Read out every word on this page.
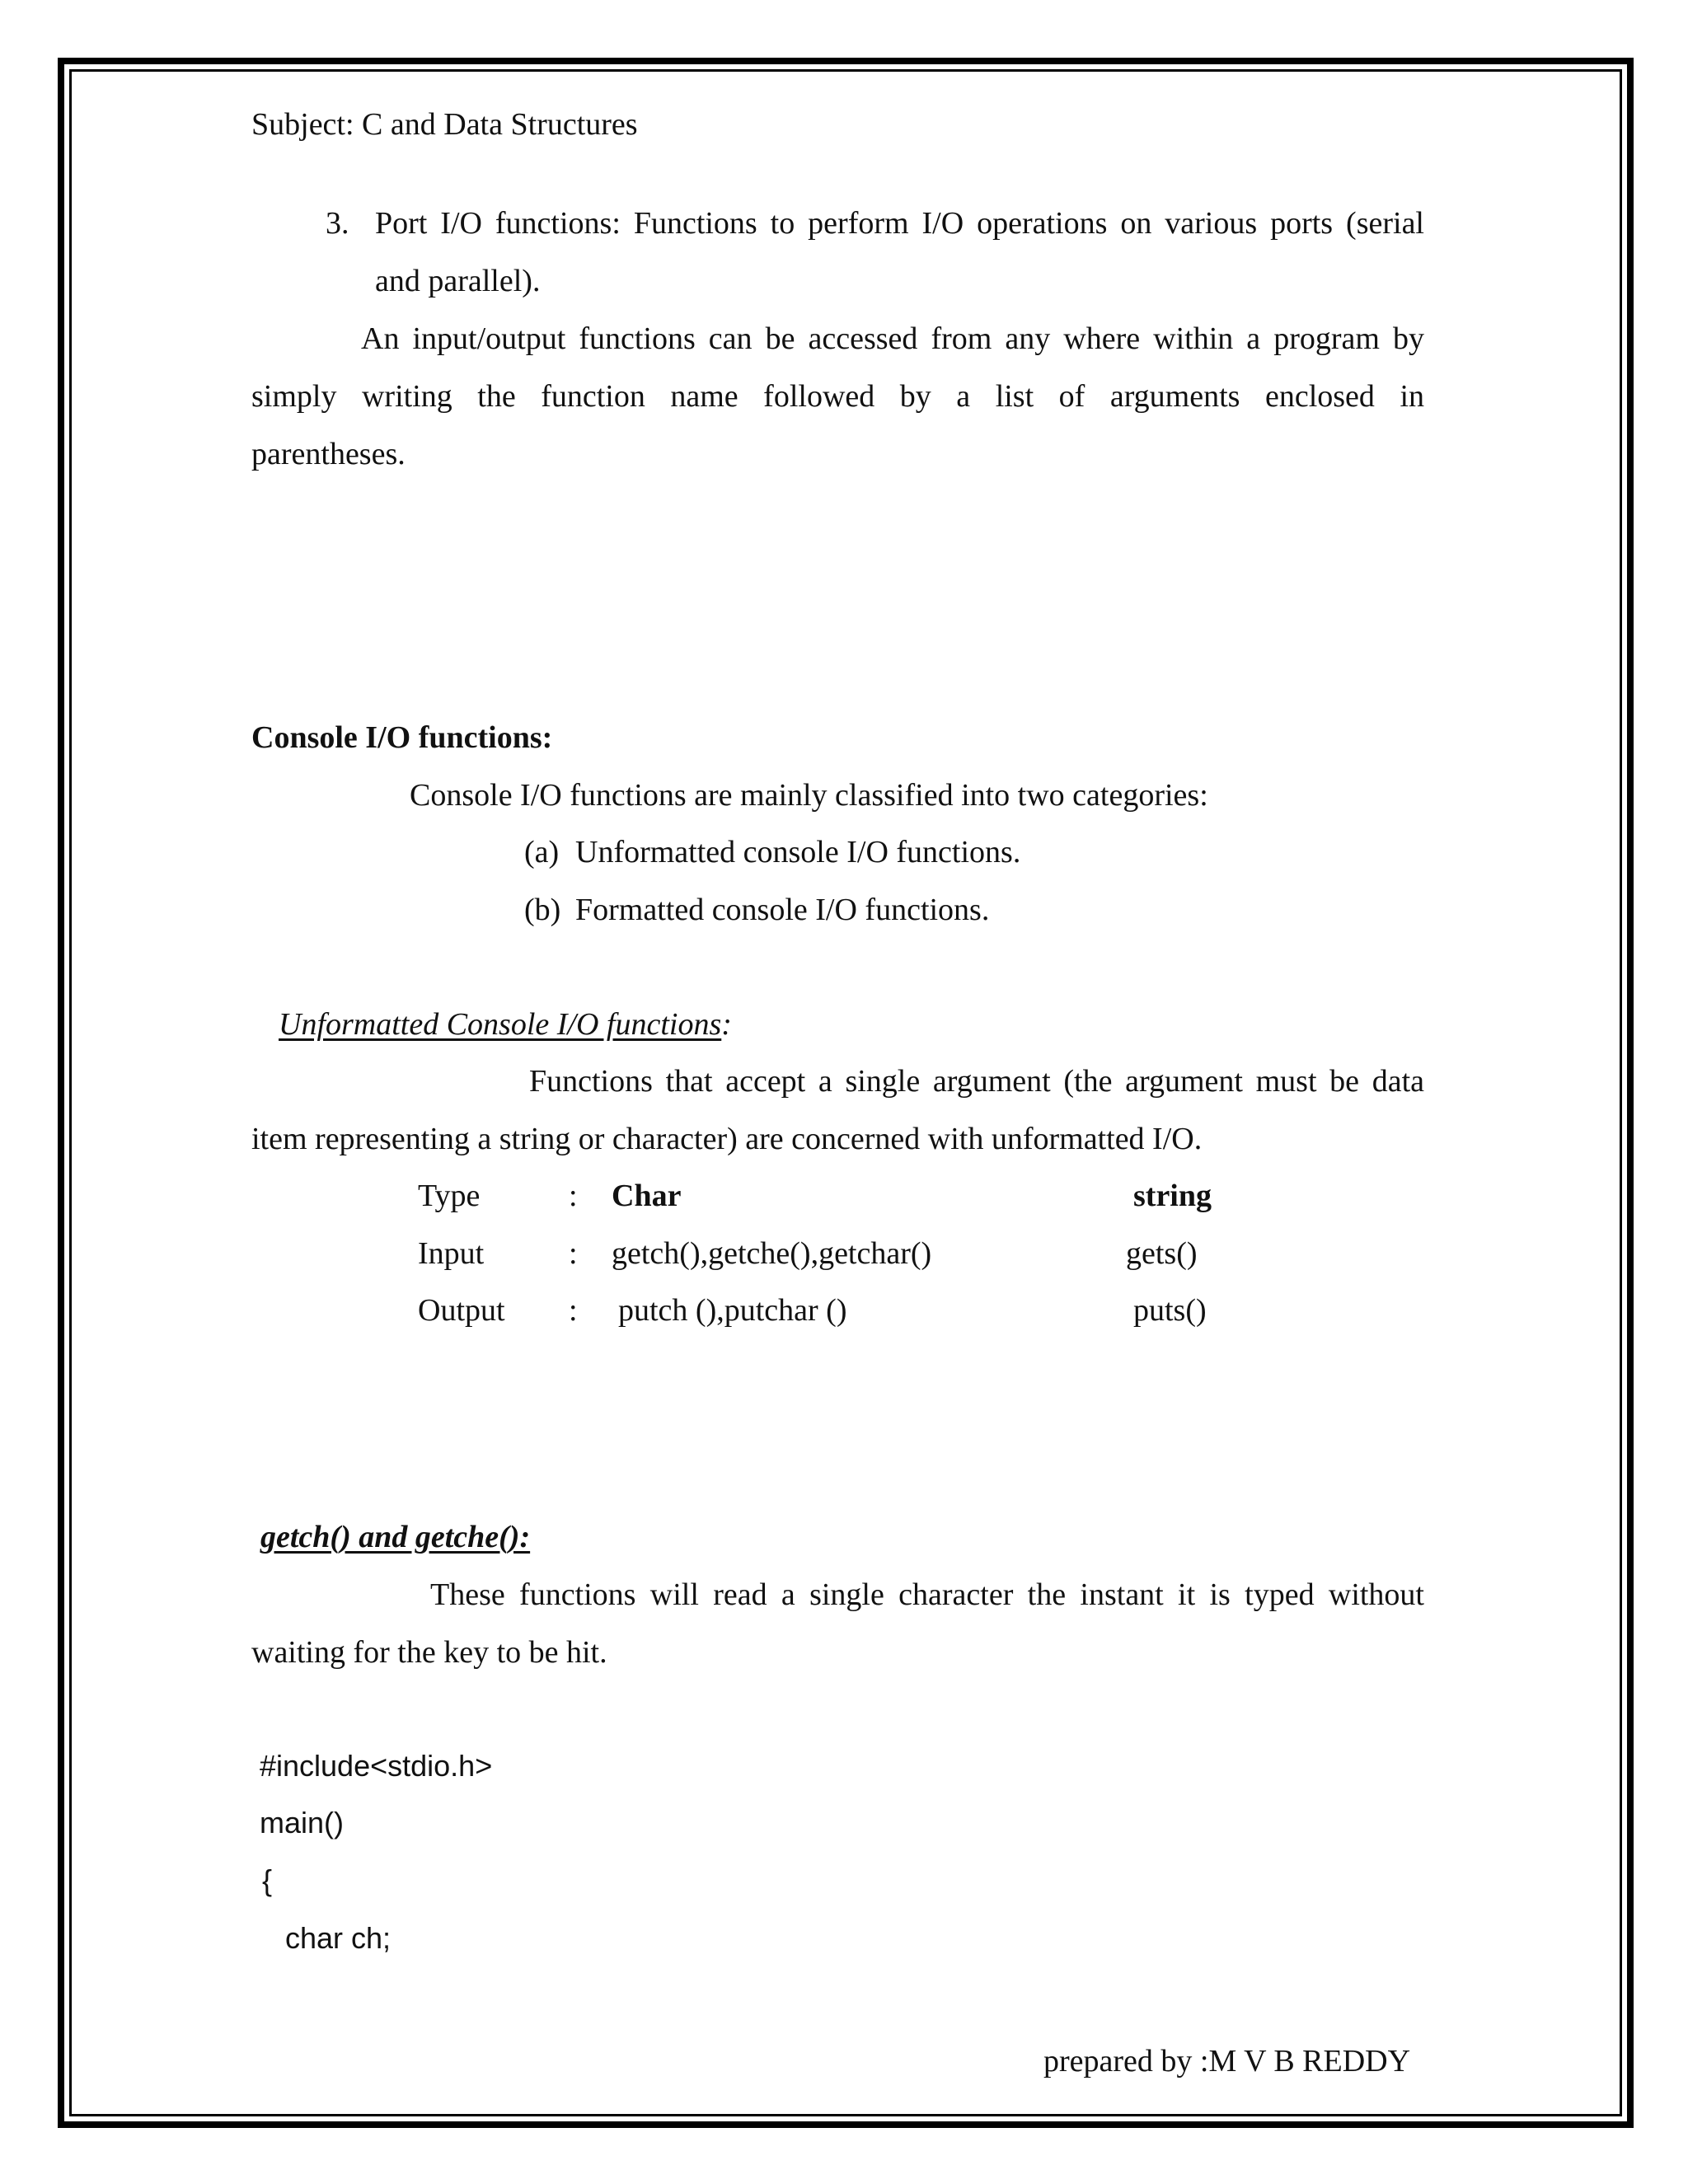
Subject: C and Data Structures
3. Port I/O functions: Functions to perform I/O operations on various ports (serial
and parallel).
An input/output functions can be accessed from any where within a program by
simply writing the function name followed by a list of arguments enclosed in
parentheses.
Console I/O functions:
Console I/O functions are mainly classified into two categories:
(a) Unformatted console I/O functions.
(b) Formatted console I/O functions.
Unformatted Console I/O functions:
Functions that accept a single argument (the argument must be data
item representing a string or character) are concerned with unformatted I/O.
Type	: Char	string
Input	: getch(),getche(),getchar()	gets()
Output : putch (),putchar ()	puts()
getch() and getche():
These functions will read a single character the instant it is typed without
waiting for the key to be hit.
#include<stdio.h>
main()
{
char ch;
prepared by :M V B REDDY
